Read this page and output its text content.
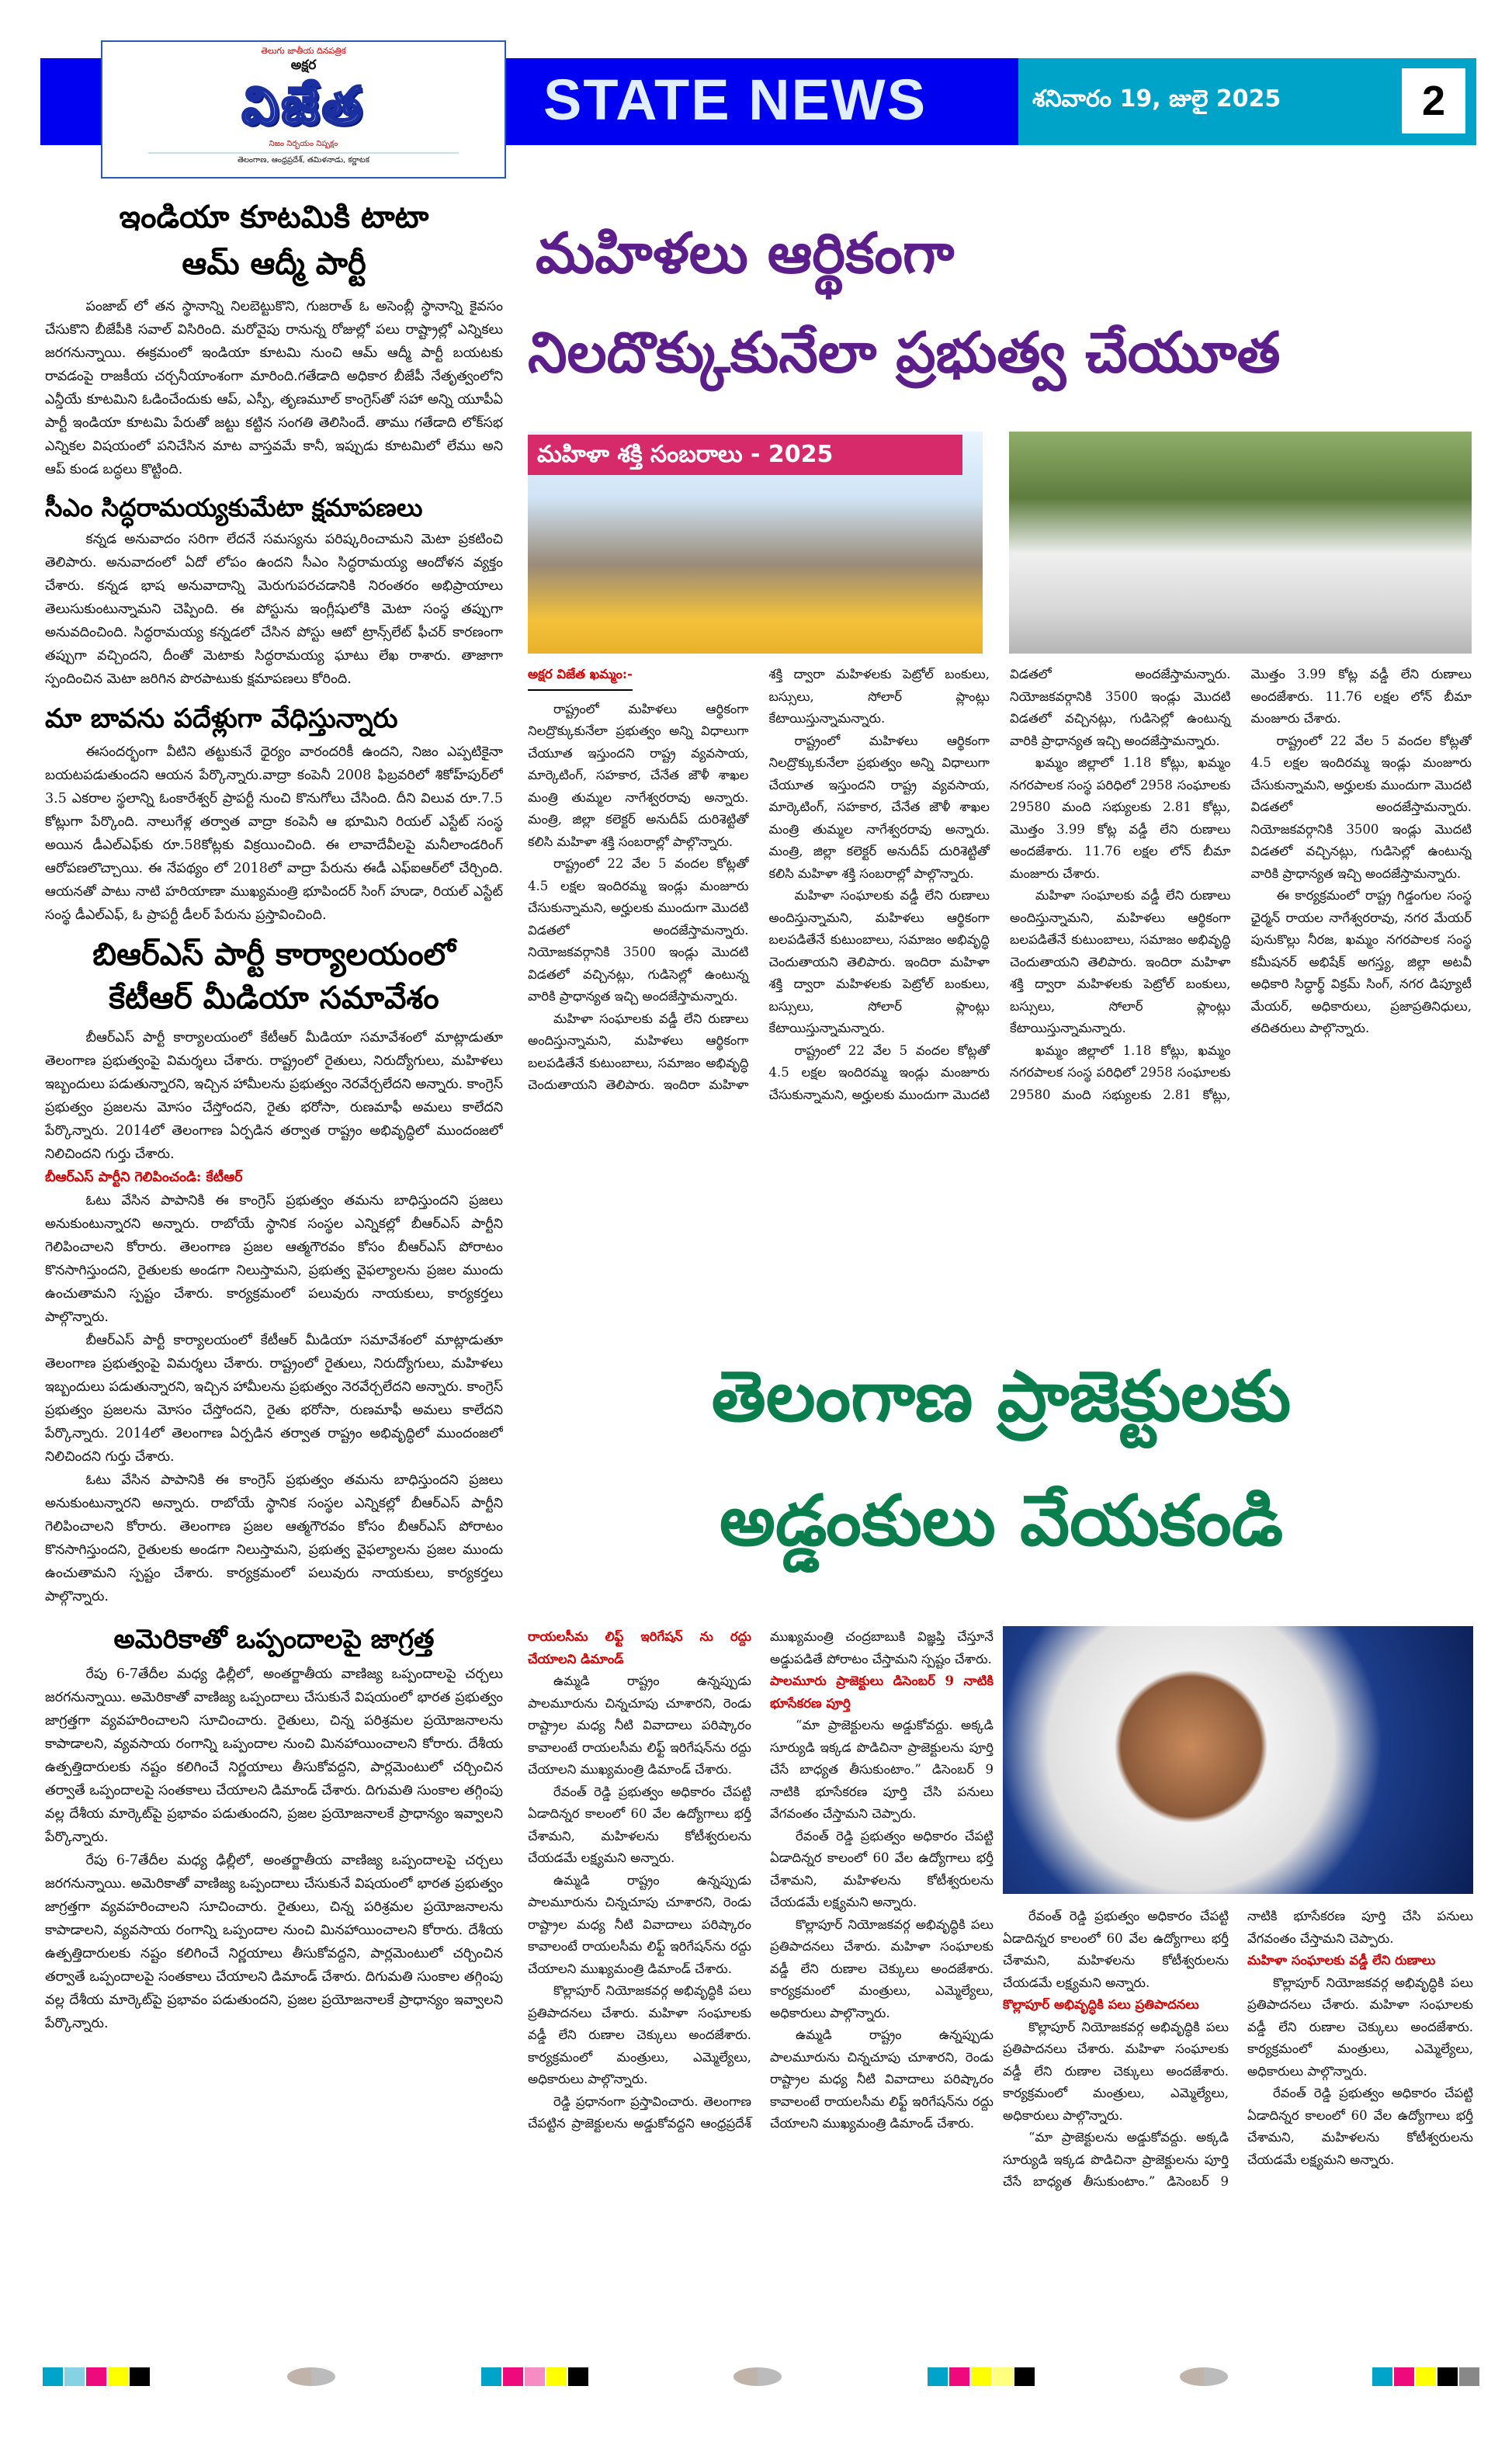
తెలుగు జాతీయ దినపత్రిక
అక్షర
విజేత
నిజం నిర్భయం నిష్పక్షం
తెలంగాణ, ఆంధ్రప్రదేశ్, తమిళనాడు, కర్ణాటక
STATE NEWS	శనివారం 19, జులై 2025	2
ఇండియా కూటమికి టాటా
ఆమ్ ఆద్మీ పార్టీ

పంజాబ్ లో తన స్థానాన్ని నిలబెట్టుకొని, గుజరాత్ ఓ అసెంబ్లీ స్థానాన్ని కైవసం చేసుకొని బీజేపీకి సవాల్ విసిరింది. మరోవైపు రానున్న రోజుల్లో పలు రాష్ట్రాల్లో ఎన్నికలు జరగనున్నాయి. ఈక్రమంలో ఇండియా కూటమి నుంచి ఆమ్ ఆద్మీ పార్టీ బయటకు రావడంపై రాజకీయ చర్చనీయాంశంగా మారింది.గతేడాది అధికార బీజేపీ నేతృత్వంలోని ఎన్డీయే కూటమిని ఓడించేందుకు ఆప్, ఎస్పీ, తృణమూల్ కాంగ్రెస్‌తో సహా అన్ని యూపీఏ పార్టీ ఇండియా కూటమి పేరుతో జట్టు కట్టిన సంగతి తెలిసిందే. తాము గతేడాది లోక్‌సభ ఎన్నికల విషయంలో పనిచేసిన మాట వాస్తవమే కానీ, ఇప్పుడు కూటమిలో లేము అని ఆప్ కుండ బద్ధలు కొట్టింది.

సీఎం సిద్ధరామయ్యకుమేటా క్షమాపణలు

కన్నడ అనువాదం సరిగా లేదనే సమస్యను పరిష్కరించామని మెటా ప్రకటించి తెలిపారు. అనువాదంలో ఏదో లోపం ఉందని సీఎం సిద్ధరామయ్య ఆందోళన వ్యక్తం చేశారు. కన్నడ భాష అనువాదాన్ని మెరుగుపరచడానికి నిరంతరం అభిప్రాయాలు తెలుసుకుంటున్నామని చెప్పింది. ఈ పోస్టును ఇంగ్లీషులోకి మెటా సంస్థ తప్పుగా అనువదించింది. సిద్ధరామయ్య కన్నడలో చేసిన పోస్టు ఆటో ట్రాన్స్‌లేట్ ఫీచర్ కారణంగా తప్పుగా వచ్చిందని, దీంతో మెటాకు సిద్ధరామయ్య ఘాటు లేఖ రాశారు. తాజాగా స్పందించిన మెటా జరిగిన పొరపాటుకు క్షమాపణలు కోరింది.

మా బావను పదేళ్లుగా వేధిస్తున్నారు

ఈసందర్భంగా వీటిని తట్టుకునే ధైర్యం వారందరికీ ఉందని, నిజం ఎప్పటికైనా బయటపడుతుందని ఆయన పేర్కొన్నారు.వాద్రా కంపెనీ 2008 ఫిబ్రవరిలో శికోహ్‌పుర్‌లో 3.5 ఎకరాల స్థలాన్ని ఓంకారేశ్వర్ ప్రాపర్టీ నుంచి కొనుగోలు చేసింది. దీని విలువ రూ.7.5 కోట్లుగా పేర్కొంది. నాలుగేళ్ల తర్వాత వాద్రా కంపెనీ ఆ భూమిని రియల్ ఎస్టేట్ సంస్థ అయిన డీఎల్‌ఎఫ్‌కు రూ.58కోట్లకు విక్రయించింది. ఈ లావాదేవీలపై మనీలాండరింగ్ ఆరోపణలొచ్చాయి. ఈ నేపథ్యం లో 2018లో వాద్రా పేరును ఈడీ ఎఫ్ఐఆర్‌లో చేర్చింది. ఆయనతో పాటు నాటి హరియాణా ముఖ్యమంత్రి భూపిందర్ సింగ్ హుడా, రియల్ ఎస్టేట్ సంస్థ డీఎల్‌ఎఫ్, ఓ ప్రాపర్టీ డీలర్ పేరును ప్రస్తావించింది.

బిఆర్ఎస్ పార్టీ కార్యాలయంలో
కేటీఆర్ మీడియా సమావేశం

బీఆర్ఎస్ పార్టీ కార్యాలయంలో కేటీఆర్ మీడియా సమావేశంలో మాట్లాడుతూ తెలంగాణ ప్రభుత్వంపై విమర్శలు చేశారు. రాష్ట్రంలో రైతులు, నిరుద్యోగులు, మహిళలు ఇబ్బందులు పడుతున్నారని, ఇచ్చిన హామీలను ప్రభుత్వం నెరవేర్చలేదని అన్నారు. కాంగ్రెస్ ప్రభుత్వం ప్రజలను మోసం చేస్తోందని, రైతు భరోసా, రుణమాఫీ అమలు కాలేదని పేర్కొన్నారు. 2014లో తెలంగాణ ఏర్పడిన తర్వాత రాష్ట్రం అభివృద్ధిలో ముందంజలో నిలిచిందని గుర్తు చేశారు.

బీఆర్ఎస్ పార్టీని గెలిపించండి: కేటీఆర్

ఓటు వేసిన పాపానికి ఈ కాంగ్రెస్ ప్రభుత్వం తమను బాధిస్తుందని ప్రజలు అనుకుంటున్నారని అన్నారు. రాబోయే స్థానిక సంస్థల ఎన్నికల్లో బీఆర్ఎస్ పార్టీని గెలిపించాలని కోరారు. తెలంగాణ ప్రజల ఆత్మగౌరవం కోసం బీఆర్ఎస్ పోరాటం కొనసాగిస్తుందని, రైతులకు అండగా నిలుస్తామని, ప్రభుత్వ వైఫల్యాలను ప్రజల ముందు ఉంచుతామని స్పష్టం చేశారు. కార్యక్రమంలో పలువురు నాయకులు, కార్యకర్తలు పాల్గొన్నారు.

బీఆర్ఎస్ పార్టీ కార్యాలయంలో కేటీఆర్ మీడియా సమావేశంలో మాట్లాడుతూ తెలంగాణ ప్రభుత్వంపై విమర్శలు చేశారు. రాష్ట్రంలో రైతులు, నిరుద్యోగులు, మహిళలు ఇబ్బందులు పడుతున్నారని, ఇచ్చిన హామీలను ప్రభుత్వం నెరవేర్చలేదని అన్నారు. కాంగ్రెస్ ప్రభుత్వం ప్రజలను మోసం చేస్తోందని, రైతు భరోసా, రుణమాఫీ అమలు కాలేదని పేర్కొన్నారు. 2014లో తెలంగాణ ఏర్పడిన తర్వాత రాష్ట్రం అభివృద్ధిలో ముందంజలో నిలిచిందని గుర్తు చేశారు.

ఓటు వేసిన పాపానికి ఈ కాంగ్రెస్ ప్రభుత్వం తమను బాధిస్తుందని ప్రజలు అనుకుంటున్నారని అన్నారు. రాబోయే స్థానిక సంస్థల ఎన్నికల్లో బీఆర్ఎస్ పార్టీని గెలిపించాలని కోరారు. తెలంగాణ ప్రజల ఆత్మగౌరవం కోసం బీఆర్ఎస్ పోరాటం కొనసాగిస్తుందని, రైతులకు అండగా నిలుస్తామని, ప్రభుత్వ వైఫల్యాలను ప్రజల ముందు ఉంచుతామని స్పష్టం చేశారు. కార్యక్రమంలో పలువురు నాయకులు, కార్యకర్తలు పాల్గొన్నారు.

అమెరికాతో ఒప్పందాలపై జాగ్రత్త

రేపు 6-7తేదీల మధ్య ఢిల్లీలో, అంతర్జాతీయ వాణిజ్య ఒప్పందాలపై చర్చలు జరగనున్నాయి. అమెరికాతో వాణిజ్య ఒప్పందాలు చేసుకునే విషయంలో భారత ప్రభుత్వం జాగ్రత్తగా వ్యవహరించాలని సూచించారు. రైతులు, చిన్న పరిశ్రమల ప్రయోజనాలను కాపాడాలని, వ్యవసాయ రంగాన్ని ఒప్పందాల నుంచి మినహాయించాలని కోరారు. దేశీయ ఉత్పత్తిదారులకు నష్టం కలిగించే నిర్ణయాలు తీసుకోవద్దని, పార్లమెంటులో చర్చించిన తర్వాతే ఒప్పందాలపై సంతకాలు చేయాలని డిమాండ్ చేశారు. దిగుమతి సుంకాల తగ్గింపు వల్ల దేశీయ మార్కెట్‌పై ప్రభావం పడుతుందని, ప్రజల ప్రయోజనాలకే ప్రాధాన్యం ఇవ్వాలని పేర్కొన్నారు.

రేపు 6-7తేదీల మధ్య ఢిల్లీలో, అంతర్జాతీయ వాణిజ్య ఒప్పందాలపై చర్చలు జరగనున్నాయి. అమెరికాతో వాణిజ్య ఒప్పందాలు చేసుకునే విషయంలో భారత ప్రభుత్వం జాగ్రత్తగా వ్యవహరించాలని సూచించారు. రైతులు, చిన్న పరిశ్రమల ప్రయోజనాలను కాపాడాలని, వ్యవసాయ రంగాన్ని ఒప్పందాల నుంచి మినహాయించాలని కోరారు. దేశీయ ఉత్పత్తిదారులకు నష్టం కలిగించే నిర్ణయాలు తీసుకోవద్దని, పార్లమెంటులో చర్చించిన తర్వాతే ఒప్పందాలపై సంతకాలు చేయాలని డిమాండ్ చేశారు. దిగుమతి సుంకాల తగ్గింపు వల్ల దేశీయ మార్కెట్‌పై ప్రభావం పడుతుందని, ప్రజల ప్రయోజనాలకే ప్రాధాన్యం ఇవ్వాలని పేర్కొన్నారు.

మహిళలు ఆర్థికంగా
నిలదొక్కుకునేలా ప్రభుత్వ చేయూత
మహిళా శక్తి సంబరాలు - 2025
అక్షర విజేత ఖమ్మం:-

రాష్ట్రంలో మహిళలు ఆర్థికంగా నిలద్రొక్కుకునేలా ప్రభుత్వం అన్ని విధాలుగా చేయూత ఇస్తుందని రాష్ట్ర వ్యవసాయ, మార్కెటింగ్, సహకార, చేనేత జౌళీ శాఖల మంత్రి తుమ్మల నాగేశ్వరరావు అన్నారు. మంత్రి, జిల్లా కలెక్టర్ అనుదీప్ దురిశెట్టితో కలిసి మహిళా శక్తి సంబరాల్లో పాల్గొన్నారు.

రాష్ట్రంలో 22 వేల 5 వందల కోట్లతో 4.5 లక్షల ఇందిరమ్మ ఇండ్లు మంజూరు చేసుకున్నామని, అర్హులకు ముందుగా మొదటి విడతలో అందజేస్తామన్నారు. నియోజకవర్గానికి 3500 ఇండ్లు మొదటి విడతలో వచ్చినట్లు, గుడిసెల్లో ఉంటున్న వారికి ప్రాధాన్యత ఇచ్చి అందజేస్తామన్నారు.

మహిళా సంఘాలకు వడ్డీ లేని రుణాలు అందిస్తున్నామని, మహిళలు ఆర్థికంగా బలపడితేనే కుటుంబాలు, సమాజం అభివృద్ధి చెందుతాయని తెలిపారు. ఇందిరా మహిళా శక్తి ద్వారా మహిళలకు పెట్రోల్ బంకులు, బస్సులు, సోలార్ ప్లాంట్లు కేటాయిస్తున్నామన్నారు.

రాష్ట్రంలో మహిళలు ఆర్థికంగా నిలద్రొక్కుకునేలా ప్రభుత్వం అన్ని విధాలుగా చేయూత ఇస్తుందని రాష్ట్ర వ్యవసాయ, మార్కెటింగ్, సహకార, చేనేత జౌళీ శాఖల మంత్రి తుమ్మల నాగేశ్వరరావు అన్నారు. మంత్రి, జిల్లా కలెక్టర్ అనుదీప్ దురిశెట్టితో కలిసి మహిళా శక్తి సంబరాల్లో పాల్గొన్నారు.

మహిళా సంఘాలకు వడ్డీ లేని రుణాలు అందిస్తున్నామని, మహిళలు ఆర్థికంగా బలపడితేనే కుటుంబాలు, సమాజం అభివృద్ధి చెందుతాయని తెలిపారు. ఇందిరా మహిళా శక్తి ద్వారా మహిళలకు పెట్రోల్ బంకులు, బస్సులు, సోలార్ ప్లాంట్లు కేటాయిస్తున్నామన్నారు.

రాష్ట్రంలో 22 వేల 5 వందల కోట్లతో 4.5 లక్షల ఇందిరమ్మ ఇండ్లు మంజూరు చేసుకున్నామని, అర్హులకు ముందుగా మొదటి విడతలో అందజేస్తామన్నారు. నియోజకవర్గానికి 3500 ఇండ్లు మొదటి విడతలో వచ్చినట్లు, గుడిసెల్లో ఉంటున్న వారికి ప్రాధాన్యత ఇచ్చి అందజేస్తామన్నారు.

ఖమ్మం జిల్లాలో 1.18 కోట్లు, ఖమ్మం నగరపాలక సంస్థ పరిధిలో 2958 సంఘాలకు 29580 మంది సభ్యులకు 2.81 కోట్లు, మొత్తం 3.99 కోట్ల వడ్డీ లేని రుణాలు అందజేశారు. 11.76 లక్షల లోన్ బీమా మంజూరు చేశారు.

మహిళా సంఘాలకు వడ్డీ లేని రుణాలు అందిస్తున్నామని, మహిళలు ఆర్థికంగా బలపడితేనే కుటుంబాలు, సమాజం అభివృద్ధి చెందుతాయని తెలిపారు. ఇందిరా మహిళా శక్తి ద్వారా మహిళలకు పెట్రోల్ బంకులు, బస్సులు, సోలార్ ప్లాంట్లు కేటాయిస్తున్నామన్నారు.

ఖమ్మం జిల్లాలో 1.18 కోట్లు, ఖమ్మం నగరపాలక సంస్థ పరిధిలో 2958 సంఘాలకు 29580 మంది సభ్యులకు 2.81 కోట్లు, మొత్తం 3.99 కోట్ల వడ్డీ లేని రుణాలు అందజేశారు. 11.76 లక్షల లోన్ బీమా మంజూరు చేశారు.

రాష్ట్రంలో 22 వేల 5 వందల కోట్లతో 4.5 లక్షల ఇందిరమ్మ ఇండ్లు మంజూరు చేసుకున్నామని, అర్హులకు ముందుగా మొదటి విడతలో అందజేస్తామన్నారు. నియోజకవర్గానికి 3500 ఇండ్లు మొదటి విడతలో వచ్చినట్లు, గుడిసెల్లో ఉంటున్న వారికి ప్రాధాన్యత ఇచ్చి అందజేస్తామన్నారు.

ఈ కార్యక్రమంలో రాష్ట్ర గిడ్డంగుల సంస్థ ఛైర్మన్ రాయల నాగేశ్వరరావు, నగర మేయర్ పునుకొల్లు నీరజ, ఖమ్మం నగరపాలక సంస్థ కమీషనర్ అభిషేక్ అగస్త్య, జిల్లా అటవీ అధికారి సిద్ధార్థ్ విక్రమ్ సింగ్, నగర డిప్యూటీ మేయర్, అధికారులు, ప్రజాప్రతినిధులు, తదితరులు పాల్గొన్నారు.

తెలంగాణ ప్రాజెక్టులకు
అడ్డంకులు వేయకండి

రాయలసీమ లిఫ్ట్ ఇరిగేషన్ ను రద్దు చేయాలని డిమాండ్

ఉమ్మడి రాష్ట్రం ఉన్నప్పుడు పాలమూరును చిన్నచూపు చూశారని, రెండు రాష్ట్రాల మధ్య నీటి వివాదాలు పరిష్కారం కావాలంటే రాయలసీమ లిఫ్ట్ ఇరిగేషన్‌ను రద్దు చేయాలని ముఖ్యమంత్రి డిమాండ్ చేశారు.

రేవంత్ రెడ్డి ప్రభుత్వం అధికారం చేపట్టి ఏడాదిన్నర కాలంలో 60 వేల ఉద్యోగాలు భర్తీ చేశామని, మహిళలను కోటీశ్వరులను చేయడమే లక్ష్యమని అన్నారు.

ఉమ్మడి రాష్ట్రం ఉన్నప్పుడు పాలమూరును చిన్నచూపు చూశారని, రెండు రాష్ట్రాల మధ్య నీటి వివాదాలు పరిష్కారం కావాలంటే రాయలసీమ లిఫ్ట్ ఇరిగేషన్‌ను రద్దు చేయాలని ముఖ్యమంత్రి డిమాండ్ చేశారు.

కొల్లాపూర్ నియోజకవర్గ అభివృద్ధికి పలు ప్రతిపాదనలు చేశారు. మహిళా సంఘాలకు వడ్డీ లేని రుణాల చెక్కులు అందజేశారు. కార్యక్రమంలో మంత్రులు, ఎమ్మెల్యేలు, అధికారులు పాల్గొన్నారు.

రెడ్డి ప్రధానంగా ప్రస్తావించారు. తెలంగాణ చేపట్టిన ప్రాజెక్టులను అడ్డుకోవద్దని ఆంధ్రప్రదేశ్ ముఖ్యమంత్రి చంద్రబాబుకి విజ్ఞప్తి చేస్తూనే అడ్డుపడితే పోరాటం చేస్తామని స్పష్టం చేశారు.

పాలమూరు ప్రాజెక్టులు డిసెంబర్ 9 నాటికి భూసేకరణ పూర్తి

“మా ప్రాజెక్టులను అడ్డుకోవద్దు. అక్కడి సూర్యుడి ఇక్కడ పొడిచినా ప్రాజెక్టులను పూర్తి చేసే బాధ్యత తీసుకుంటాం.” డిసెంబర్ 9 నాటికి భూసేకరణ పూర్తి చేసి పనులు వేగవంతం చేస్తామని చెప్పారు.

రేవంత్ రెడ్డి ప్రభుత్వం అధికారం చేపట్టి ఏడాదిన్నర కాలంలో 60 వేల ఉద్యోగాలు భర్తీ చేశామని, మహిళలను కోటీశ్వరులను చేయడమే లక్ష్యమని అన్నారు.

కొల్లాపూర్ నియోజకవర్గ అభివృద్ధికి పలు ప్రతిపాదనలు చేశారు. మహిళా సంఘాలకు వడ్డీ లేని రుణాల చెక్కులు అందజేశారు. కార్యక్రమంలో మంత్రులు, ఎమ్మెల్యేలు, అధికారులు పాల్గొన్నారు.

ఉమ్మడి రాష్ట్రం ఉన్నప్పుడు పాలమూరును చిన్నచూపు చూశారని, రెండు రాష్ట్రాల మధ్య నీటి వివాదాలు పరిష్కారం కావాలంటే రాయలసీమ లిఫ్ట్ ఇరిగేషన్‌ను రద్దు చేయాలని ముఖ్యమంత్రి డిమాండ్ చేశారు.

రేవంత్ రెడ్డి ప్రభుత్వం అధికారం చేపట్టి ఏడాదిన్నర కాలంలో 60 వేల ఉద్యోగాలు భర్తీ చేశామని, మహిళలను కోటీశ్వరులను చేయడమే లక్ష్యమని అన్నారు.

కొల్లాపూర్ అభివృద్ధికి పలు ప్రతిపాదనలు

కొల్లాపూర్ నియోజకవర్గ అభివృద్ధికి పలు ప్రతిపాదనలు చేశారు. మహిళా సంఘాలకు వడ్డీ లేని రుణాల చెక్కులు అందజేశారు. కార్యక్రమంలో మంత్రులు, ఎమ్మెల్యేలు, అధికారులు పాల్గొన్నారు.

“మా ప్రాజెక్టులను అడ్డుకోవద్దు. అక్కడి సూర్యుడి ఇక్కడ పొడిచినా ప్రాజెక్టులను పూర్తి చేసే బాధ్యత తీసుకుంటాం.” డిసెంబర్ 9 నాటికి భూసేకరణ పూర్తి చేసి పనులు వేగవంతం చేస్తామని చెప్పారు.

మహిళా సంఘాలకు వడ్డీ లేని రుణాలు

కొల్లాపూర్ నియోజకవర్గ అభివృద్ధికి పలు ప్రతిపాదనలు చేశారు. మహిళా సంఘాలకు వడ్డీ లేని రుణాల చెక్కులు అందజేశారు. కార్యక్రమంలో మంత్రులు, ఎమ్మెల్యేలు, అధికారులు పాల్గొన్నారు.

రేవంత్ రెడ్డి ప్రభుత్వం అధికారం చేపట్టి ఏడాదిన్నర కాలంలో 60 వేల ఉద్యోగాలు భర్తీ చేశామని, మహిళలను కోటీశ్వరులను చేయడమే లక్ష్యమని అన్నారు.
